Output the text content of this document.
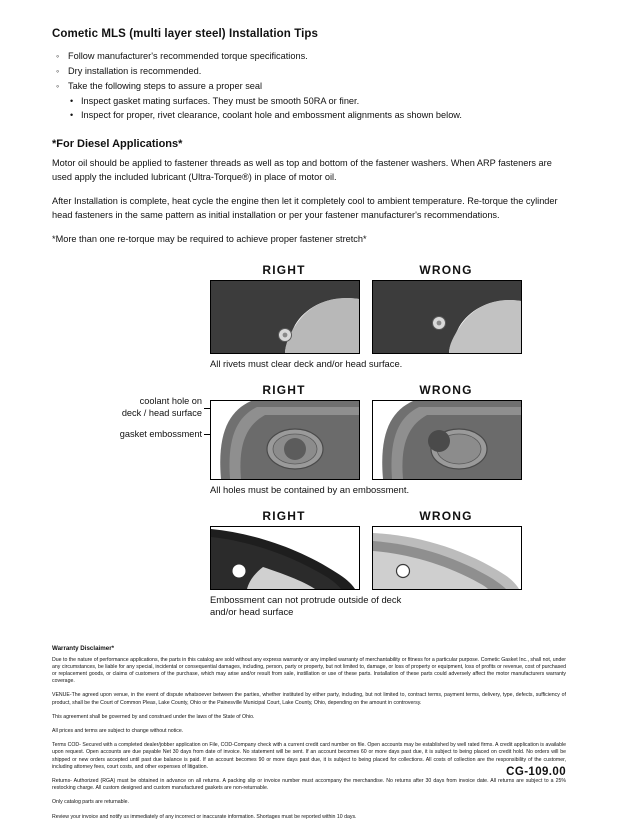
Cometic MLS (multi layer steel) Installation Tips
◦ Follow manufacturer's recommended torque specifications.
◦ Dry installation is recommended.
◦ Take the following steps to assure a proper seal
• Inspect gasket mating surfaces. They must be smooth 50RA or finer.
• Inspect for proper, rivet clearance, coolant hole and embossment alignments as shown below.
*For Diesel Applications*

Motor oil should be applied to fastener threads as well as top and bottom of the fastener washers. When ARP fasteners are used apply the included lubricant (Ultra-Torque®) in place of motor oil.

After Installation is complete, heat cycle the engine then let it completely cool to ambient temperature. Re-torque the cylinder head fasteners in the same pattern as initial installation or per your fastener manufacturer's recommendations.

*More than one re-torque may be required to achieve proper fastener stretch*

RIGHT	WRONG
All rivets must clear deck and/or head surface.
coolant hole on
deck / head surface
gasket embossment
RIGHT	WRONG
All holes must be contained by an embossment.
RIGHT	WRONG
Embossment can not protrude outside of deck
and/or head surface
Warranty Disclaimer*

Due to the nature of performance applications, the parts in this catalog are sold without any express warranty or any implied warranty of merchantability or fitness for a particular purpose. Cometic Gasket Inc., shall not, under any circumstances, be liable for any special, incidental or consequential damages, including, person, party or property, but not limited to, damage, or loss of property or equipment, loss of profits or revenue, cost of purchased or replacement goods, or claims of customers of the purchase, which may arise and/or result from sale, instillation or use of these parts. Installation of these parts could adversely affect the motor manufacturers warranty coverage.

VENUE-The agreed upon venue, in the event of dispute whatsoever between the parties, whether instituted by either party, including, but not limited to, contract terms, payment terms, delivery, type, defects, sufficiency of product, shall be the Court of Common Pleas, Lake County, Ohio or the Painesville Municipal Court, Lake County, Ohio, depending on the amount in controversy.

This agreement shall be governed by and construed under the laws of the State of Ohio.

All prices and terms are subject to change without notice.

Terms COD- Secured with a completed dealer/jobber application on File, COD-Company check with a current credit card number on file. Open accounts may be established by well rated firms. A credit application is available upon request. Open accounts are due payable Net 30 days from date of invoice. No statement will be sent. If an account becomes 60 or more days past due, it is subject to being placed on credit hold. No orders will be shipped or new orders accepted until past due balance is paid. If an account becomes 90 or more days past due, it is subject to being placed for collections. All costs of collection are the responsibility of the customer, including attorney fees, court costs, and other expenses of litigation.

Returns- Authorized (RGA) must be obtained in advance on all returns. A packing slip or invoice number must accompany the merchandise. No returns after 30 days from invoice date. All returns are subject to a 25% restocking charge. All custom designed and custom manufactured gaskets are non-returnable.

Only catalog parts are returnable.

Review your invoice and notify us immediately of any incorrect or inaccurate information. Shortages must be reported within 10 days.

CG-109.00
